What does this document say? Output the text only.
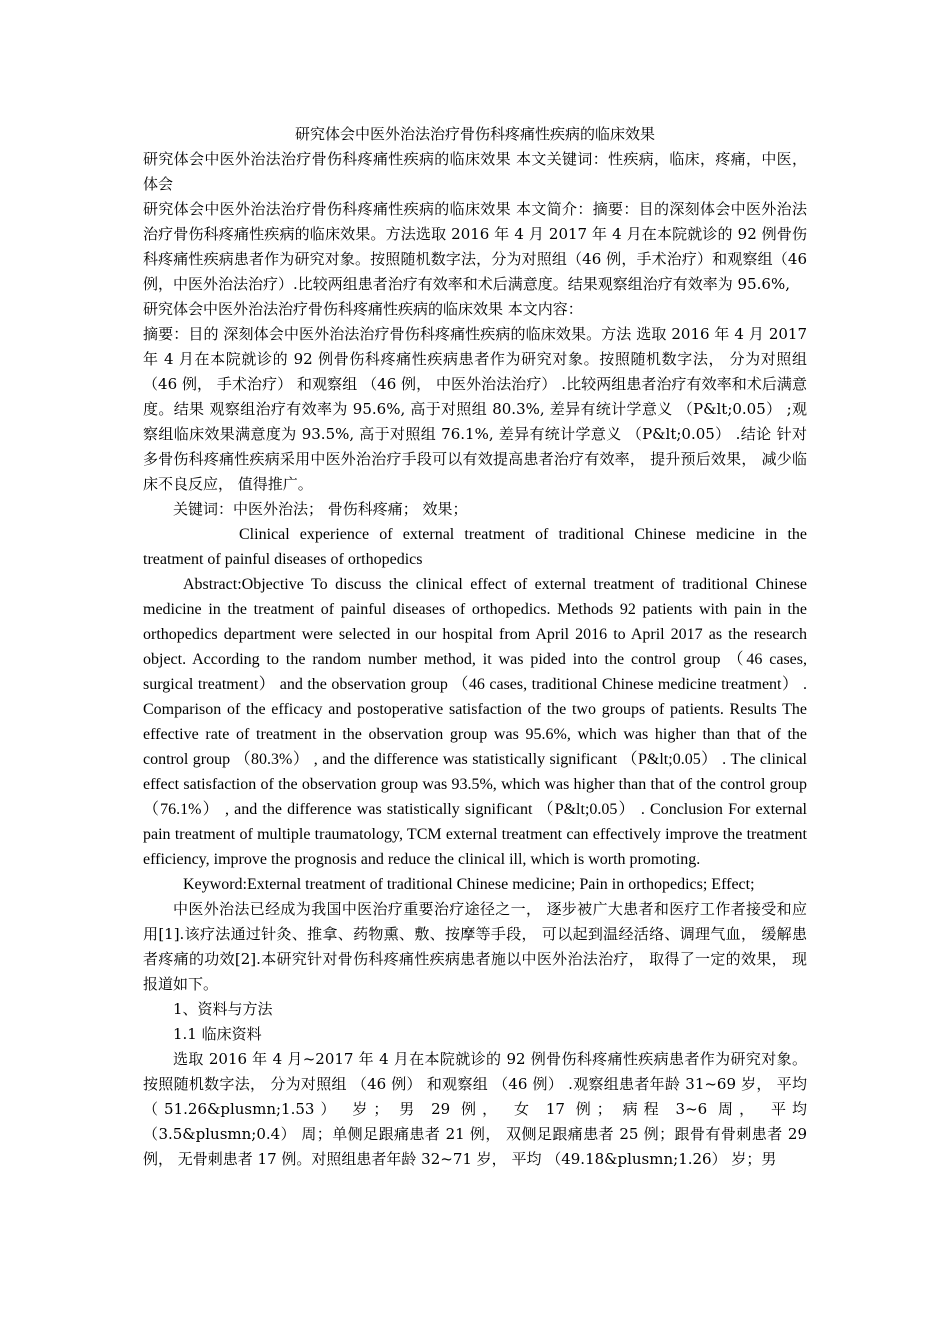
研究体会中医外治法治疗骨伤科疼痛性疾病的临床效果

研究体会中医外治法治疗骨伤科疼痛性疾病的临床效果 本文关键词：性疾病，临床，疼痛，中医，体会

研究体会中医外治法治疗骨伤科疼痛性疾病的临床效果 本文简介：摘要：目的深刻体会中医外治法治疗骨伤科疼痛性疾病的临床效果。方法选取 2016 年 4 月 2017 年 4 月在本院就诊的 92 例骨伤科疼痛性疾病患者作为研究对象。按照随机数字法，分为对照组（46 例，手术治疗）和观察组（46 例，中医外治法治疗）.比较两组患者治疗有效率和术后满意度。结果观察组治疗有效率为 95.6%,

研究体会中医外治法治疗骨伤科疼痛性疾病的临床效果 本文内容：

摘要：目的 深刻体会中医外治法治疗骨伤科疼痛性疾病的临床效果。方法 选取 2016 年 4 月 2017 年 4 月在本院就诊的 92 例骨伤科疼痛性疾病患者作为研究对象。按照随机数字法， 分为对照组 （46 例， 手术治疗） 和观察组 （46 例， 中医外治法治疗） .比较两组患者治疗有效率和术后满意度。结果 观察组治疗有效率为 95.6%, 高于对照组 80.3%, 差异有统计学意义 （P&lt;0.05） ;观察组临床效果满意度为 93.5%, 高于对照组 76.1%, 差异有统计学意义 （P&lt;0.05） .结论 针对多骨伤科疼痛性疾病采用中医外治治疗手段可以有效提高患者治疗有效率， 提升预后效果， 减少临床不良反应， 值得推广。

关键词：中医外治法； 骨伤科疼痛； 效果；

Clinical experience of external treatment of traditional Chinese medicine in the treatment of painful diseases of orthopedics

Abstract:Objective To discuss the clinical effect of external treatment of traditional Chinese medicine in the treatment of painful diseases of orthopedics. Methods 92 patients with pain in the orthopedics department were selected in our hospital from April 2016 to April 2017 as the research object. According to the random number method, it was pided into the control group （46 cases, surgical treatment） and the observation group （46 cases, traditional Chinese medicine treatment） . Comparison of the efficacy and postoperative satisfaction of the two groups of patients. Results The effective rate of treatment in the observation group was 95.6%, which was higher than that of the control group （80.3%） , and the difference was statistically significant （P&lt;0.05） . The clinical effect satisfaction of the observation group was 93.5%, which was higher than that of the control group （76.1%） , and the difference was statistically significant （P&lt;0.05） . Conclusion For external pain treatment of multiple traumatology, TCM external treatment can effectively improve the treatment efficiency, improve the prognosis and reduce the clinical ill, which is worth promoting.

Keyword:External treatment of traditional Chinese medicine; Pain in orthopedics; Effect;

中医外治法已经成为我国中医治疗重要治疗途径之一， 逐步被广大患者和医疗工作者接受和应用[1].该疗法通过针灸、推拿、药物熏、敷、按摩等手段， 可以起到温经活络、调理气血， 缓解患者疼痛的功效[2].本研究针对骨伤科疼痛性疾病患者施以中医外治法治疗， 取得了一定的效果， 现报道如下。

1、资料与方法

1.1 临床资料

选取 2016 年 4 月~2017 年 4 月在本院就诊的 92 例骨伤科疼痛性疾病患者作为研究对象。按照随机数字法， 分为对照组 （46 例） 和观察组 （46 例） .观察组患者年龄 31~69 岁， 平均 （51.26&plusmn;1.53） 岁； 男 29 例， 女 17 例； 病程 3~6 周， 平均 （3.5&plusmn;0.4） 周；单侧足跟痛患者 21 例， 双侧足跟痛患者 25 例；跟骨有骨刺患者 29 例， 无骨刺患者 17 例。对照组患者年龄 32~71 岁， 平均 （49.18&plusmn;1.26） 岁；男
